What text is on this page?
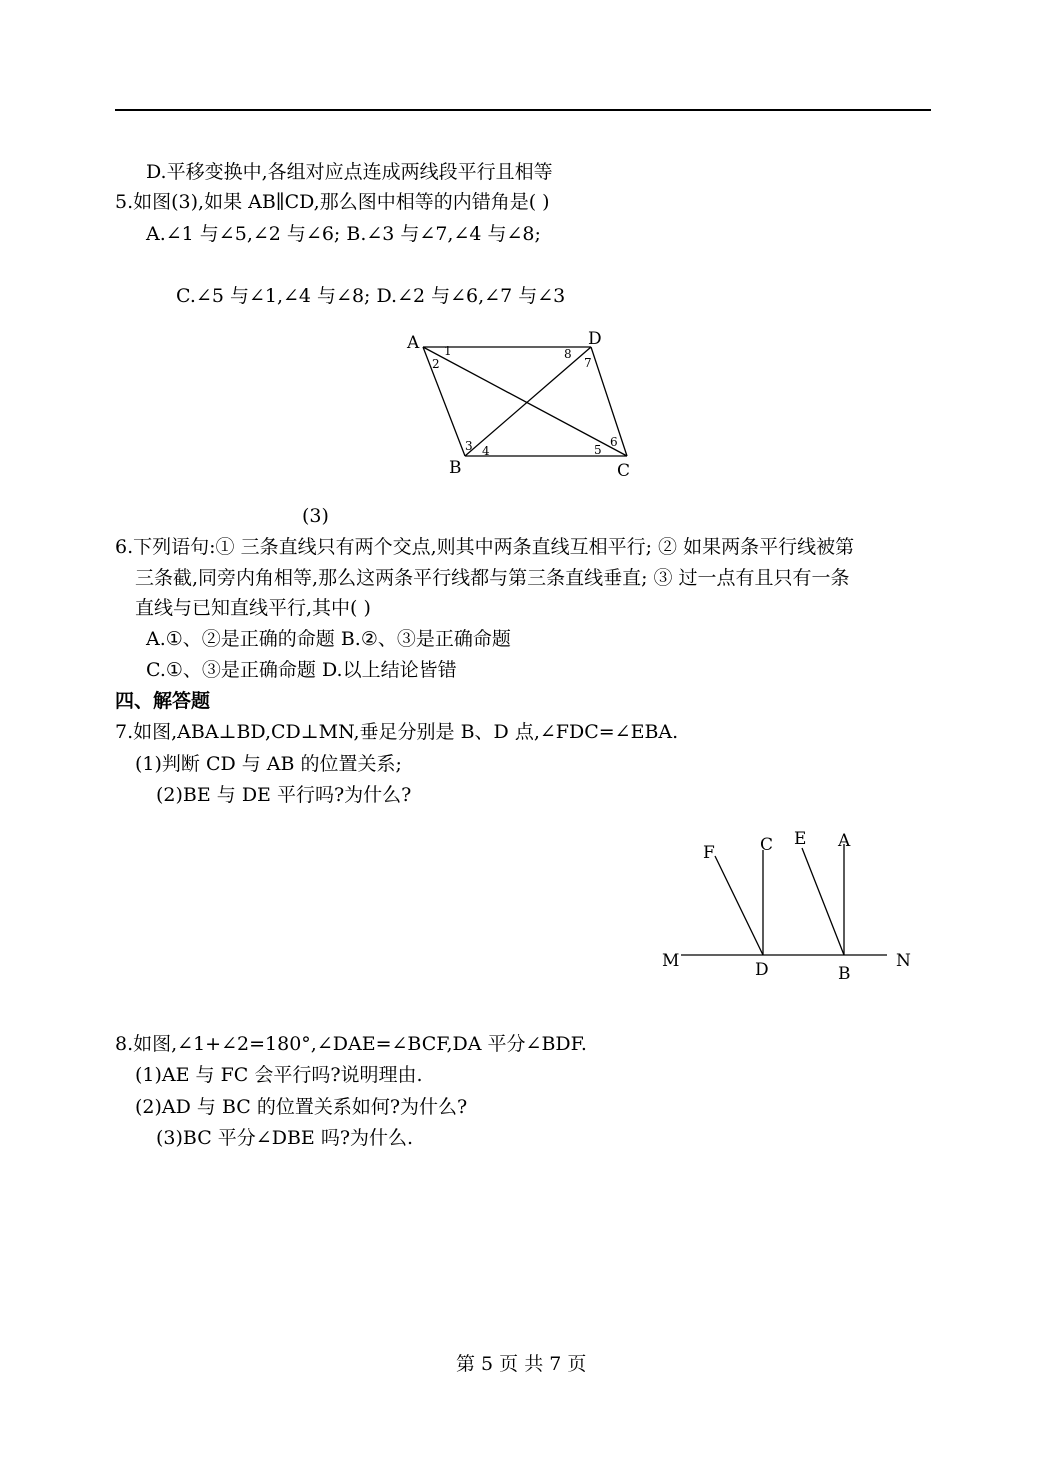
D.平移变换中,各组对应点连成两线段平行且相等
5.如图(3),如果 AB∥CD,那么图中相等的内错角是( )
A.∠1 与∠5,∠2 与∠6; B.∠3 与∠7,∠4 与∠8;
C.∠5 与∠1,∠4 与∠8; D.∠2 与∠6,∠7 与∠3
A	D
B	C
1
2
8
7
3 4	5
6
(3)
6.下列语句:① 三条直线只有两个交点,则其中两条直线互相平行; ② 如果两条平行线被第
三条截,同旁内角相等,那么这两条平行线都与第三条直线垂直; ③ 过一点有且只有一条
直线与已知直线平行,其中( )
A.①、②是正确的命题 B.②、③是正确命题
C.①、③是正确命题 D.以上结论皆错
四、解答题
7.如图,ABA⊥BD,CD⊥MN,垂足分别是 B、D 点,∠FDC=∠EBA.
(1)判断 CD 与 AB 的位置关系;
(2)BE 与 DE 平行吗?为什么?
F	C E A
M	D	B
N
8.如图,∠1+∠2=180°,∠DAE=∠BCF,DA 平分∠BDF.
(1)AE 与 FC 会平行吗?说明理由.
(2)AD 与 BC 的位置关系如何?为什么?
(3)BC 平分∠DBE 吗?为什么.
第 5 页 共 7 页
